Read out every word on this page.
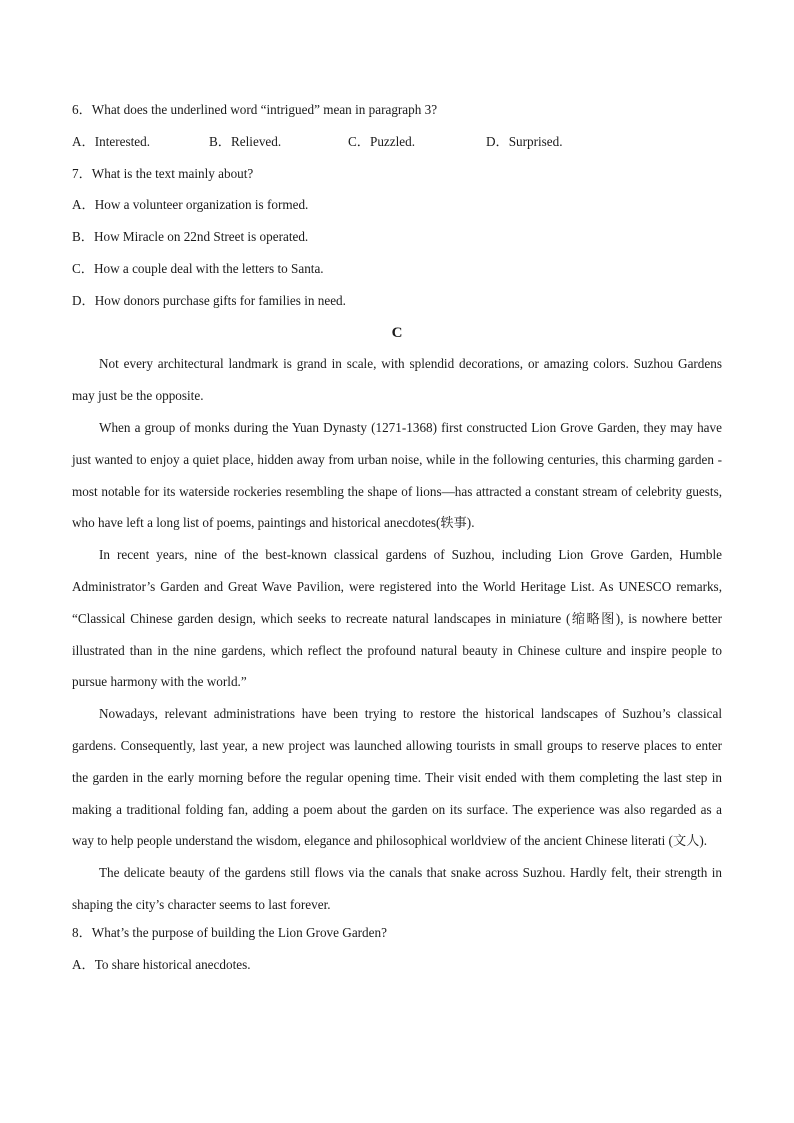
6．What does the underlined word “intrigued” mean in paragraph 3?
A．Interested.	B．Relieved.	C．Puzzled.	D．Surprised.
7．What is the text mainly about?
A．How a volunteer organization is formed.
B．How Miracle on 22nd Street is operated.
C．How a couple deal with the letters to Santa.
D．How donors purchase gifts for families in need.
C
Not every architectural landmark is grand in scale, with splendid decorations, or amazing colors. Suzhou Gardens may just be the opposite.
When a group of monks during the Yuan Dynasty (1271-1368) first constructed Lion Grove Garden, they may have just wanted to enjoy a quiet place, hidden away from urban noise, while in the following centuries, this charming garden - most notable for its waterside rockeries resembling the shape of lions—has attracted a constant stream of celebrity guests, who have left a long list of poems, paintings and historical anecdotes(轶事).
In recent years, nine of the best-known classical gardens of Suzhou, including Lion Grove Garden, Humble Administrator’s Garden and Great Wave Pavilion, were registered into the World Heritage List. As UNESCO remarks, “Classical Chinese garden design, which seeks to recreate natural landscapes in miniature (缩略图), is nowhere better illustrated than in the nine gardens, which reflect the profound natural beauty in Chinese culture and inspire people to pursue harmony with the world.”
Nowadays, relevant administrations have been trying to restore the historical landscapes of Suzhou’s classical gardens. Consequently, last year, a new project was launched allowing tourists in small groups to reserve places to enter the garden in the early morning before the regular opening time. Their visit ended with them completing the last step in making a traditional folding fan, adding a poem about the garden on its surface. The experience was also regarded as a way to help people understand the wisdom, elegance and philosophical worldview of the ancient Chinese literati (文人).
The delicate beauty of the gardens still flows via the canals that snake across Suzhou. Hardly felt, their strength in shaping the city’s character seems to last forever.
8．What’s the purpose of building the Lion Grove Garden?
A．To share historical anecdotes.
